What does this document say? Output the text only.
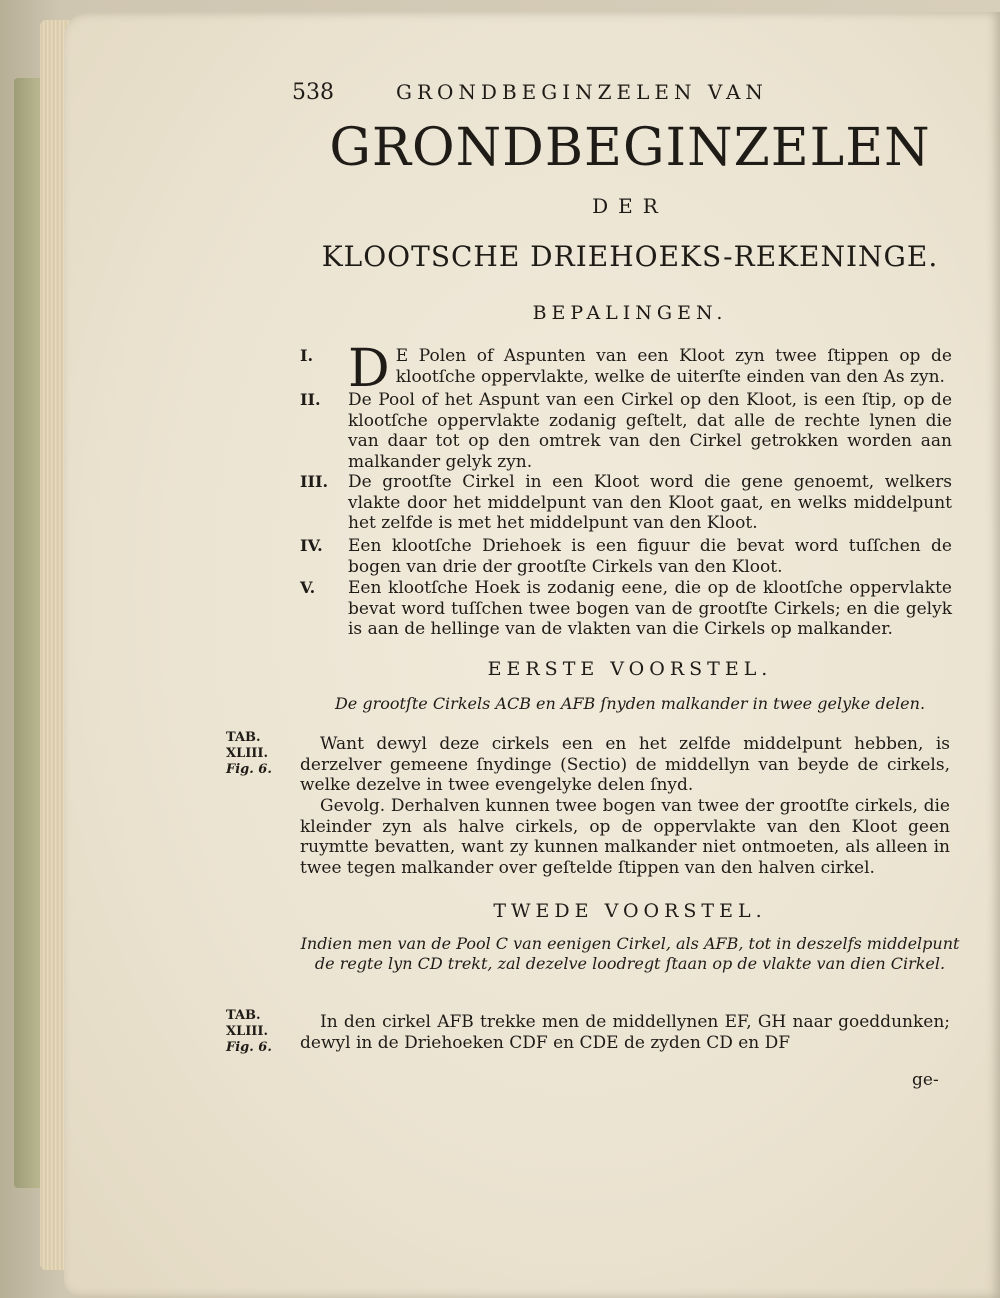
538	GRONDBEGINZELEN VAN
GRONDBEGINZELEN
DER
KLOOTSCHE DRIEHOEKS-REKENINGE.
BEPALINGEN.
I. D E Polen of Aspunten van een Kloot zyn twee ſtippen op de klootſche oppervlakte, welke de uiterſte einden van den As zyn.
II. De Pool of het Aspunt van een Cirkel op den Kloot, is een ſtip, op de klootſche oppervlakte zodanig geſtelt, dat alle de rechte lynen die van daar tot op den omtrek van den Cirkel getrokken worden aan malkander gelyk zyn.
III. De grootſte Cirkel in een Kloot word die gene genoemt, welkers vlakte door het middelpunt van den Kloot gaat, en welks middelpunt het zelfde is met het middelpunt van den Kloot.
IV. Een klootſche Driehoek is een figuur die bevat word tuſſchen de bogen van drie der grootſte Cirkels van den Kloot.
V. Een klootſche Hoek is zodanig eene, die op de klootſche oppervlakte bevat word tuſſchen twee bogen van de grootſte Cirkels; en die gelyk is aan de hellinge van de vlakten van die Cirkels op malkander.
EERSTE VOORSTEL.
De grootſte Cirkels ACB en AFB ſnyden malkander in twee gelyke delen.
TAB.
XLIII.
Fig. 6.
Want dewyl deze cirkels een en het zelfde middelpunt hebben, is derzelver gemeene ſnydinge (Sectio) de middellyn van beyde de cirkels, welke dezelve in twee evengelyke delen ſnyd.
Gevolg. Derhalven kunnen twee bogen van twee der grootſte cirkels, die kleinder zyn als halve cirkels, op de oppervlakte van den Kloot geen ruymtte bevatten, want zy kunnen malkander niet ontmoeten, als alleen in twee tegen malkander over geſtelde ſtippen van den halven cirkel.
TWEDE VOORSTEL.
Indien men van de Pool C van eenigen Cirkel, als AFB, tot in deszelfs middelpunt de regte lyn CD trekt, zal dezelve loodregt ſtaan op de vlakte van dien Cirkel.
TAB.
XLIII.
Fig. 6.
In den cirkel AFB trekke men de middellynen EF, GH naar goeddunken; dewyl in de Driehoeken CDF en CDE de zyden CD en DF
ge-
